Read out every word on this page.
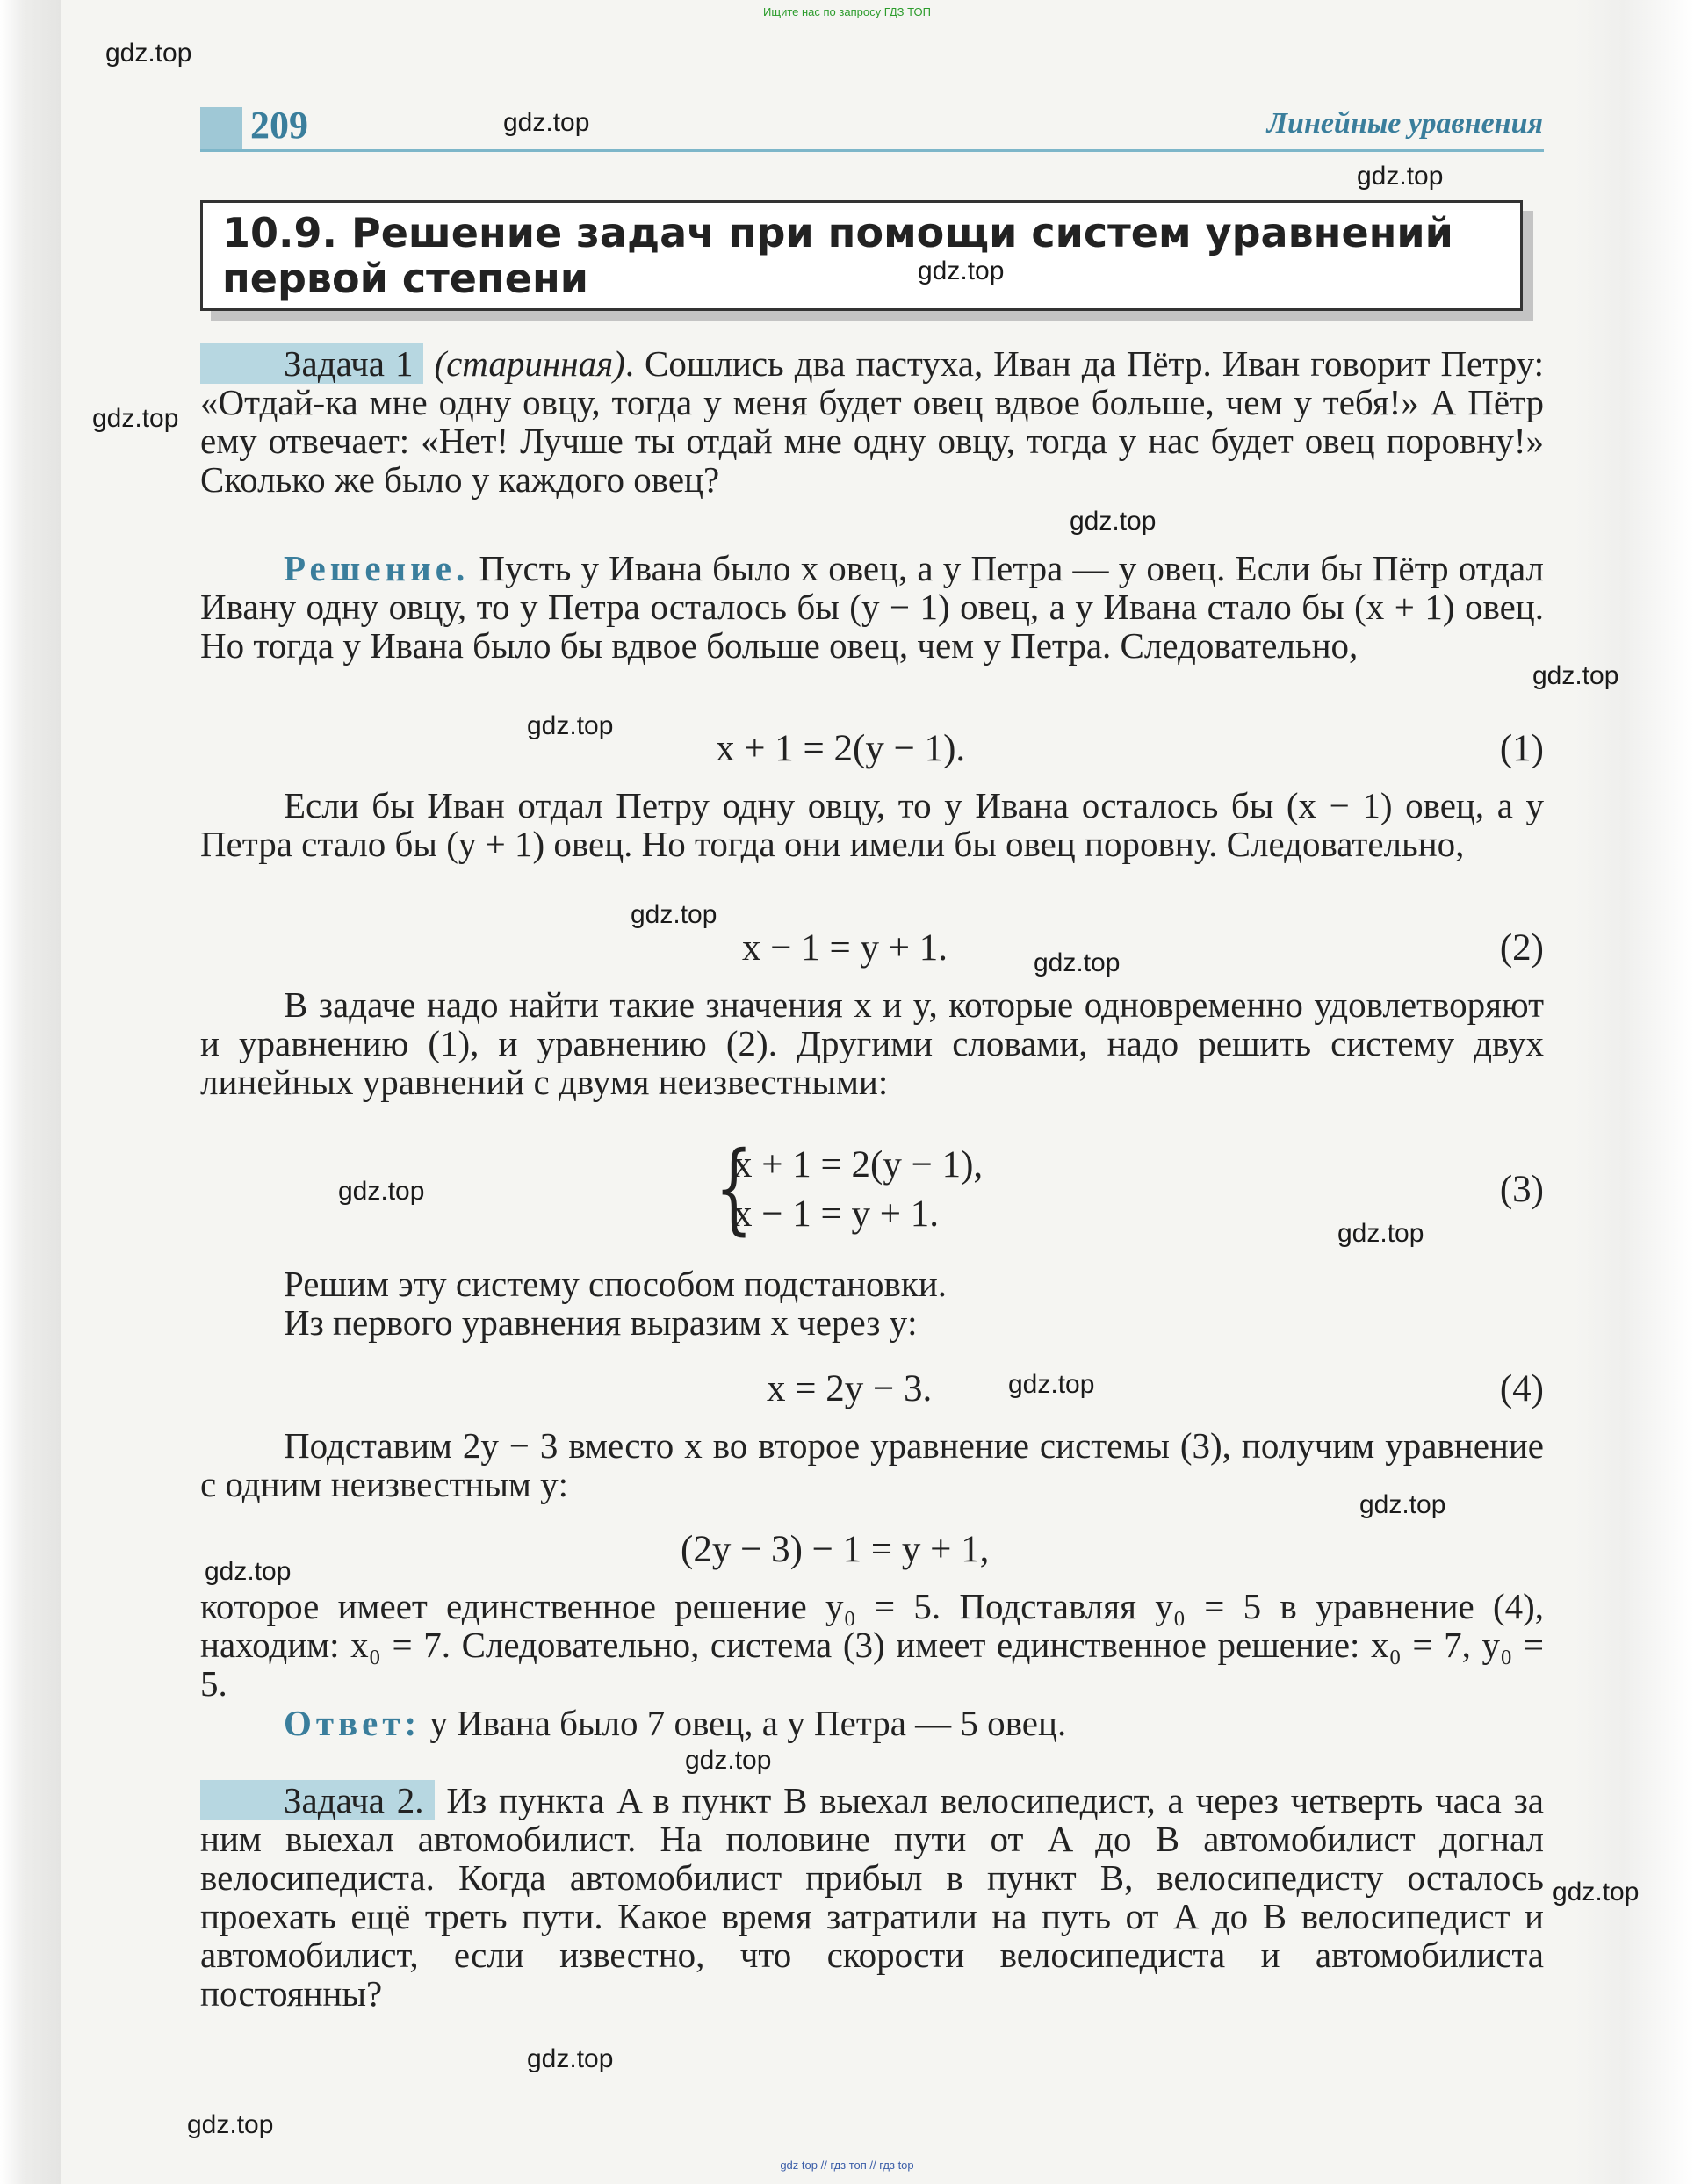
Ищите нас по запросу ГДЗ ТОП
gdz top // гдз топ // гдз top
209	Линейные уравнения
10.9. Решение задач при помощи систем уравнений
первой степени

Задача 1 (старинная). Сошлись два пастуха, Иван да Пётр. Иван говорит Петру: «Отдай-ка мне одну овцу, тогда у меня будет овец вдвое больше, чем у тебя!» А Пётр ему отвечает: «Нет! Лучше ты отдай мне одну овцу, тогда у нас будет овец поровну!» Сколько же было у каждого овец?

Решение. Пусть у Ивана было x овец, а у Петра — y овец. Если бы Пётр отдал Ивану одну овцу, то у Петра осталось бы (y − 1) овец, а у Ивана стало бы (x + 1) овец. Но тогда у Ивана было бы вдвое больше овец, чем у Петра. Следовательно,

x + 1 = 2(y − 1).	(1)

Если бы Иван отдал Петру одну овцу, то у Ивана осталось бы (x − 1) овец, а у Петра стало бы (y + 1) овец. Но тогда они имели бы овец поровну. Следовательно,

x − 1 = y + 1.	(2)

В задаче надо найти такие значения x и y, которые одновременно удовлетворяют и уравнению (1), и уравнению (2). Другими словами, надо решить систему двух линейных уравнений с двумя неизвестными:

{
x + 1 = 2(y − 1),
x − 1 = y + 1.
(3)

Решим эту систему способом подстановки.
Из первого уравнения выразим x через y:

x = 2y − 3.	(4)

Подставим 2y − 3 вместо x во второе уравнение системы (3), получим уравнение с одним неизвестным y:

(2y − 3) − 1 = y + 1,

которое имеет единственное решение y₀ = 5. Подставляя y₀ = 5 в уравнение (4), находим: x₀ = 7. Следовательно, система (3) имеет единственное решение: x₀ = 7, y₀ = 5.

Ответ: у Ивана было 7 овец, а у Петра — 5 овец.

Задача 2. Из пункта A в пункт B выехал велосипедист, а через четверть часа за ним выехал автомобилист. На половине пути от A до B автомобилист догнал велосипедиста. Когда автомобилист прибыл в пункт B, велосипедисту осталось проехать ещё треть пути. Какое время затратили на путь от A до B велосипедист и автомобилист, если известно, что скорости велосипедиста и автомобилиста постоянны?

gdz.top
gdz.top
gdz.top
gdz.top
gdz.top
gdz.top
gdz.top
gdz.top
gdz.top
gdz.top
gdz.top
gdz.top
gdz.top
gdz.top
gdz.top
gdz.top
gdz.top
gdz.top
gdz.top
